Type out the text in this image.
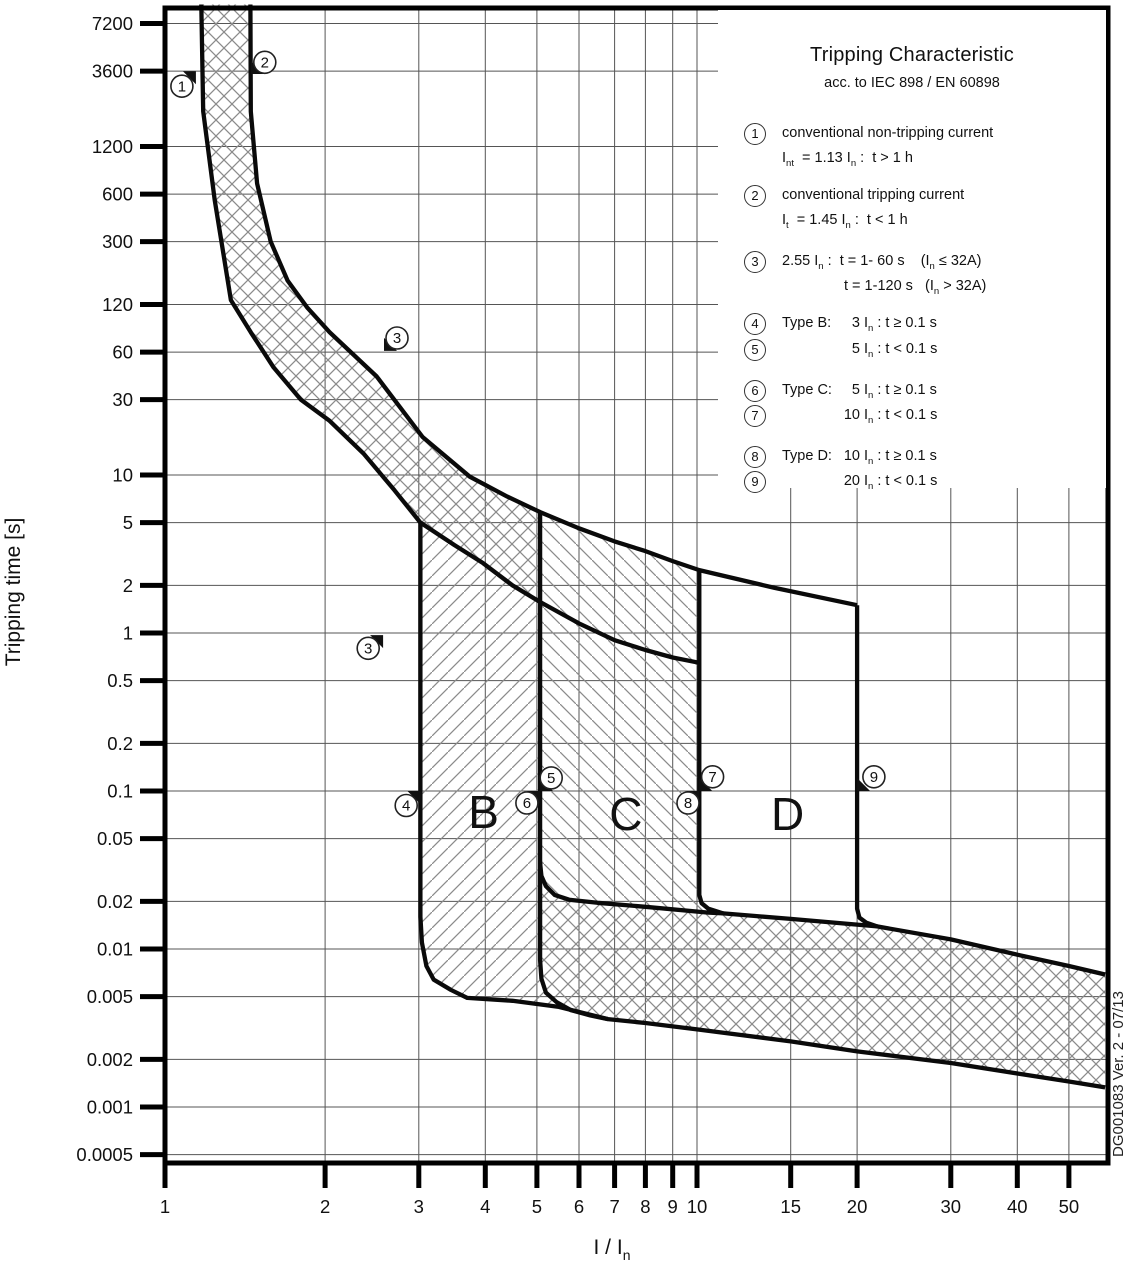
7200
3600
1200
600
300
120
60
30
10
5
2
1
0.5
0.2
0.1
0.05
0.02
0.01
0.005
0.002
0.001
0.0005
1	2	3	4 5 6 7 8 9 10	15 20	30 40 50
Tripping time [s]
I / $I_n$
B C	D
1
2
3
3
4
5
6
7
8
9
DG001083 Ver. 2 - 07/13
Tripping Characteristic
acc. to IEC 898 / EN 60898
1	conventional non-tripping current
$I_{nt} = 1.13$ $I_n$ :  t > 1 h
2	conventional tripping current
$I_t = 1.45$ $I_n$ :  t < 1 h
3	2.55 $I_n$ :  t = 1- 60 s    $(I_n \le 32A)$
t = 1-120 s   $(I_n > 32A)$
4	Type B: 3 $I_n$ : t ≥ 0.1 s
5	5 $I_n$ : t < 0.1 s
6	Type C: 5 $I_n$ : t ≥ 0.1 s
7	10 $I_n$ : t < 0.1 s
8	Type D: 10 $I_n$ : t ≥ 0.1 s
9	20 $I_n$ : t < 0.1 s
